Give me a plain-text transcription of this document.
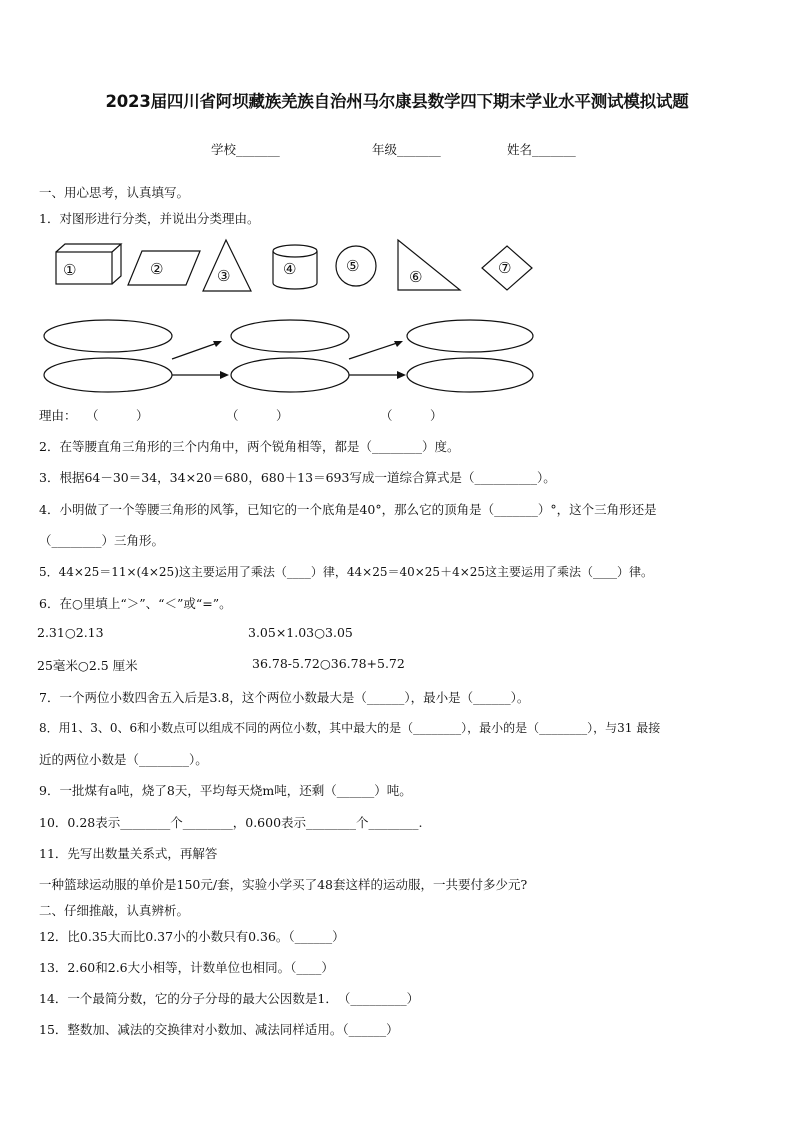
2023届四川省阿坝藏族羌族自治州马尔康县数学四下期末学业水平测试模拟试题
学校_______	年级_______	姓名_______
一、用心思考，认真填写。
1．对图形进行分类，并说出分类理由。
①	②	③	④	⑤
⑥	⑦
理由： （　　　）	（　　　）	（　　　）
2．在等腰直角三角形的三个内角中，两个锐角相等，都是（________）度。
3．根据64－30＝34，34×20＝680，680＋13＝693写成一道综合算式是（__________）。
4．小明做了一个等腰三角形的风筝，已知它的一个底角是40°，那么它的顶角是（_______）°，这个三角形还是
（________）三角形。
5．44×25＝11×(4×25)这主要运用了乘法（____）律，44×25＝40×25＋4×25这主要运用了乘法（____）律。
6．在○里填上“＞”、“＜”或“=”。
2.31○2.13	3.05×1.03○3.05
25毫米○2.5 厘米	36.78-5.72○36.78+5.72
7．一个两位小数四舍五入后是3.8，这个两位小数最大是（______），最小是（______）。
8．用1、3、0、6和小数点可以组成不同的两位小数，其中最大的是（________），最小的是（________），与31 最接
近的两位小数是（________）。
9．一批煤有a吨，烧了8天，平均每天烧m吨，还剩（______）吨。
10．0.28表示________个________，0.600表示________个________.
11．先写出数量关系式，再解答
一种篮球运动服的单价是150元/套，实验小学买了48套这样的运动服，一共要付多少元?
二、仔细推敲，认真辨析。
12．比0.35大而比0.37小的小数只有0.36。（______）
13．2.60和2.6大小相等，计数单位也相同。（____）
14．一个最简分数，它的分子分母的最大公因数是1．　（_________）
15．整数加、减法的交换律对小数加、减法同样适用。（______）
